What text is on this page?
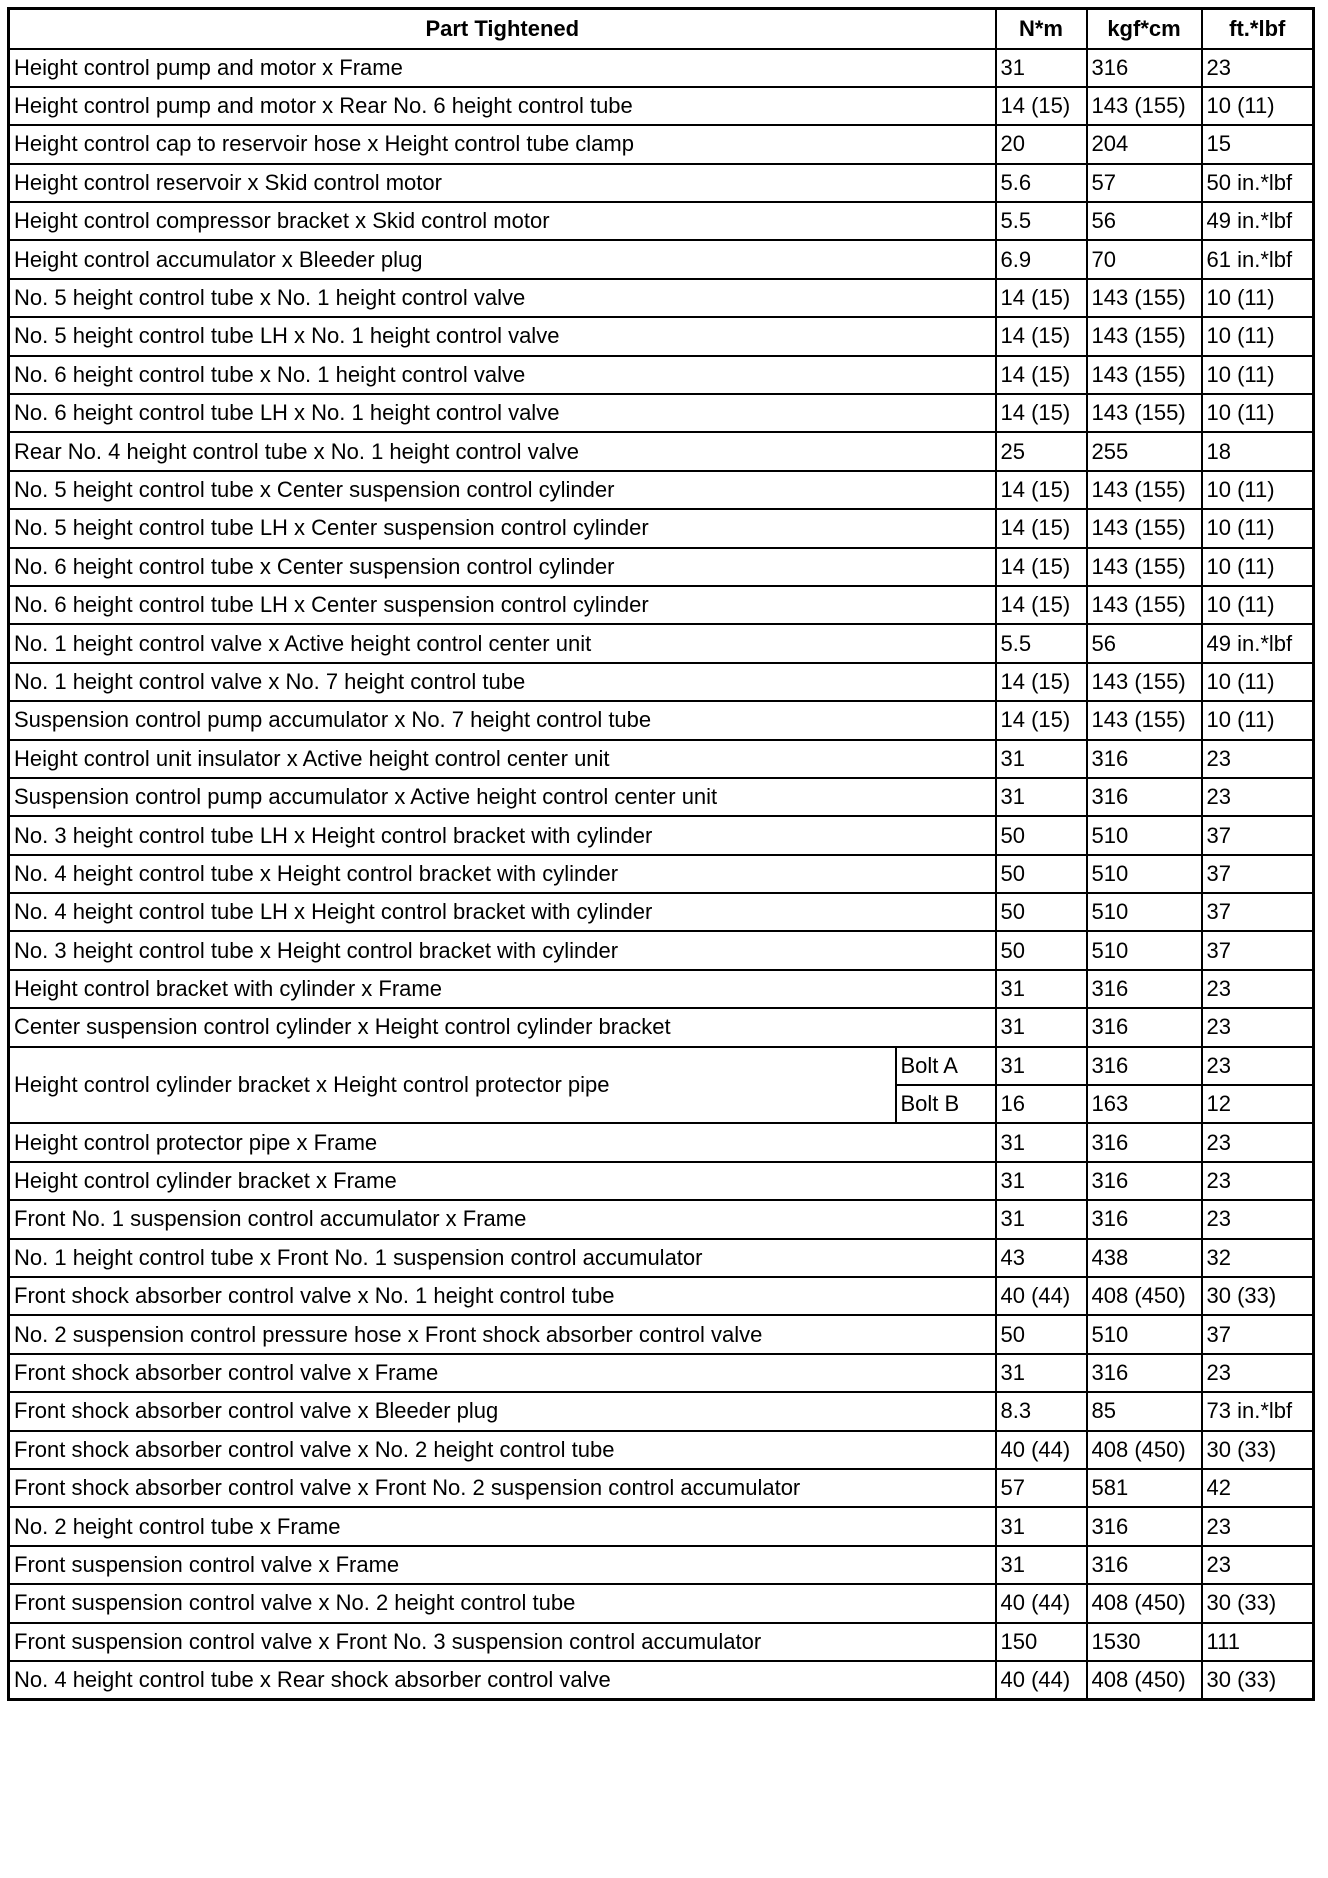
Part Tightened		N*m	kgf*cm	ft.*lbf
Height control pump and motor x Frame		31	316	23
Height control pump and motor x Rear No. 6 height control tube		14 (15)	143 (155)	10 (11)
Height control cap to reservoir hose x Height control tube clamp		20	204	15
Height control reservoir x Skid control motor		5.6	57	50 in.*lbf
Height control compressor bracket x Skid control motor		5.5	56	49 in.*lbf
Height control accumulator x Bleeder plug		6.9	70	61 in.*lbf
No. 5 height control tube x No. 1 height control valve		14 (15)	143 (155)	10 (11)
No. 5 height control tube LH x No. 1 height control valve		14 (15)	143 (155)	10 (11)
No. 6 height control tube x No. 1 height control valve		14 (15)	143 (155)	10 (11)
No. 6 height control tube LH x No. 1 height control valve		14 (15)	143 (155)	10 (11)
Rear No. 4 height control tube x No. 1 height control valve		25	255	18
No. 5 height control tube x Center suspension control cylinder		14 (15)	143 (155)	10 (11)
No. 5 height control tube LH x Center suspension control cylinder		14 (15)	143 (155)	10 (11)
No. 6 height control tube x Center suspension control cylinder		14 (15)	143 (155)	10 (11)
No. 6 height control tube LH x Center suspension control cylinder		14 (15)	143 (155)	10 (11)
No. 1 height control valve x Active height control center unit		5.5	56	49 in.*lbf
No. 1 height control valve x No. 7 height control tube		14 (15)	143 (155)	10 (11)
Suspension control pump accumulator x No. 7 height control tube		14 (15)	143 (155)	10 (11)
Height control unit insulator x Active height control center unit		31	316	23
Suspension control pump accumulator x Active height control center unit		31	316	23
No. 3 height control tube LH x Height control bracket with cylinder		50	510	37
No. 4 height control tube x Height control bracket with cylinder		50	510	37
No. 4 height control tube LH x Height control bracket with cylinder		50	510	37
No. 3 height control tube x Height control bracket with cylinder		50	510	37
Height control bracket with cylinder x Frame		31	316	23
Center suspension control cylinder x Height control cylinder bracket		31	316	23
Height control cylinder bracket x Height control protector pipe	Bolt A	31	316	23
	Bolt B	16	163	12
Height control protector pipe x Frame		31	316	23
Height control cylinder bracket x Frame		31	316	23
Front No. 1 suspension control accumulator x Frame		31	316	23
No. 1 height control tube x Front No. 1 suspension control accumulator		43	438	32
Front shock absorber control valve x No. 1 height control tube		40 (44)	408 (450)	30 (33)
No. 2 suspension control pressure hose x Front shock absorber control valve		50	510	37
Front shock absorber control valve x Frame		31	316	23
Front shock absorber control valve x Bleeder plug		8.3	85	73 in.*lbf
Front shock absorber control valve x No. 2 height control tube		40 (44)	408 (450)	30 (33)
Front shock absorber control valve x Front No. 2 suspension control accumulator		57	581	42
No. 2 height control tube x Frame		31	316	23
Front suspension control valve x Frame		31	316	23
Front suspension control valve x No. 2 height control tube		40 (44)	408 (450)	30 (33)
Front suspension control valve x Front No. 3 suspension control accumulator		150	1530	111
No. 4 height control tube x Rear shock absorber control valve		40 (44)	408 (450)	30 (33)
